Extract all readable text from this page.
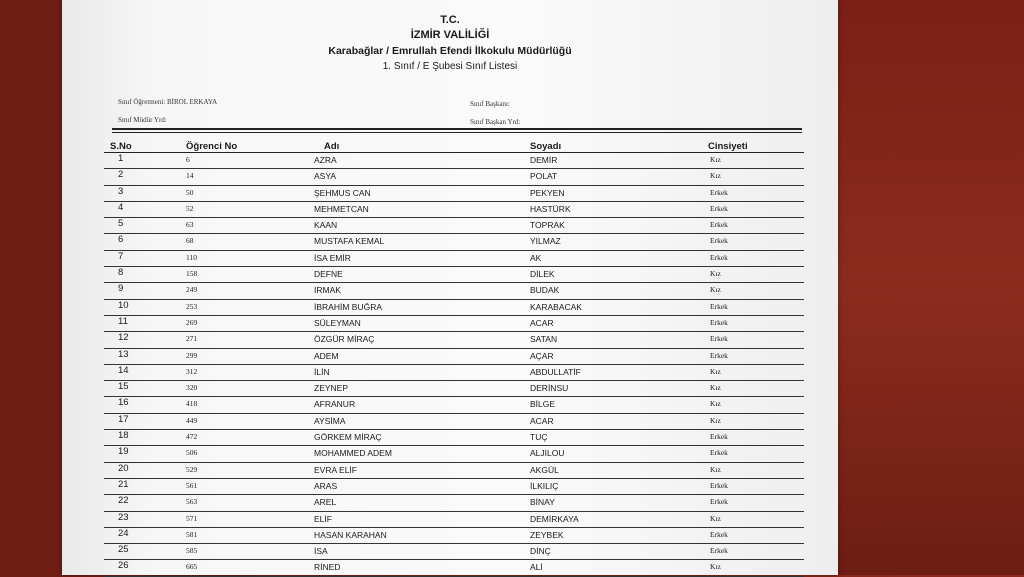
T.C.
İZMİR VALİLİĞİ
Karabağlar / Emrullah Efendi İlkokulu Müdürlüğü
1. Sınıf / E Şubesi Sınıf Listesi
Sınıf Öğretmeni: BİROL ERKAYA
Sınıf Müdür Yrd:
Sınıf Başkanı:
Sınıf Başkan Yrd:
S.No	Öğrenci No	Adı	Soyadı	Cinsiyeti
1	6	AZRA	DEMİR	Kız
2	14	ASYA	POLAT	Kız
3	50	ŞEHMUS CAN	PEKYEN	Erkek
4	52	MEHMETCAN	HASTÜRK	Erkek
5	63	KAAN	TOPRAK	Erkek
6	68	MUSTAFA KEMAL	YILMAZ	Erkek
7	110	İSA EMİR	AK	Erkek
8	158	DEFNE	DİLEK	Kız
9	249	IRMAK	BUDAK	Kız
10	253	İBRAHİM BUĞRA	KARABACAK	Erkek
11	269	SÜLEYMAN	ACAR	Erkek
12	271	ÖZGÜR MİRAÇ	SATAN	Erkek
13	299	ADEM	AÇAR	Erkek
14	312	İLİN	ABDULLATİF	Kız
15	320	ZEYNEP	DERİNSU	Kız
16	418	AFRANUR	BİLGE	Kız
17	449	AYSİMA	ACAR	Kız
18	472	GÖRKEM MİRAÇ	TUÇ	Erkek
19	506	MOHAMMED ADEM	ALJILOU	Erkek
20	529	EVRA ELİF	AKGÜL	Kız
21	561	ARAS	İLKILIÇ	Erkek
22	563	AREL	BİNAY	Erkek
23	571	ELİF	DEMİRKAYA	Kız
24	581	HASAN KARAHAN	ZEYBEK	Erkek
25	585	İSA	DİNÇ	Erkek
26	665	RİNED	ALİ	Kız
